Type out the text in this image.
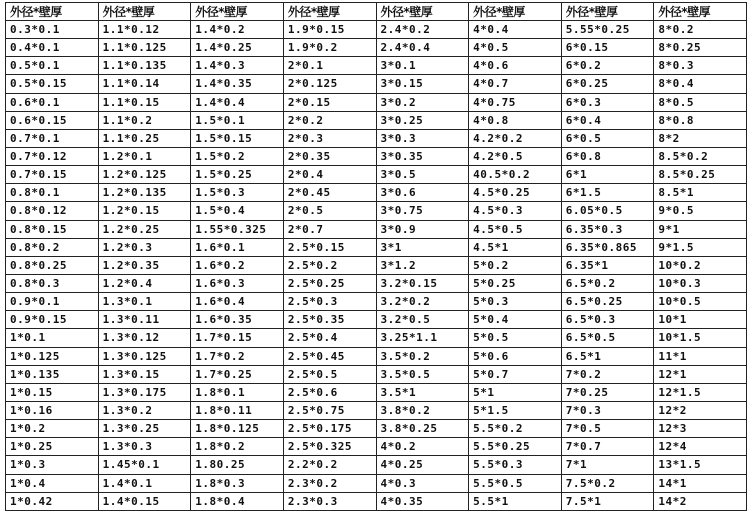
外径*壁厚	外径*壁厚	外径*壁厚	外径*壁厚	外径*壁厚	外径*壁厚	外径*壁厚	外径*壁厚
0.3*0.1	1.1*0.12	1.4*0.2	1.9*0.15	2.4*0.2	4*0.4	5.55*0.25	8*0.2
0.4*0.1	1.1*0.125	1.4*0.25	1.9*0.2	2.4*0.4	4*0.5	6*0.15	8*0.25
0.5*0.1	1.1*0.135	1.4*0.3	2*0.1	3*0.1	4*0.6	6*0.2	8*0.3
0.5*0.15	1.1*0.14	1.4*0.35	2*0.125	3*0.15	4*0.7	6*0.25	8*0.4
0.6*0.1	1.1*0.15	1.4*0.4	2*0.15	3*0.2	4*0.75	6*0.3	8*0.5
0.6*0.15	1.1*0.2	1.5*0.1	2*0.2	3*0.25	4*0.8	6*0.4	8*0.8
0.7*0.1	1.1*0.25	1.5*0.15	2*0.3	3*0.3	4.2*0.2	6*0.5	8*2
0.7*0.12	1.2*0.1	1.5*0.2	2*0.35	3*0.35	4.2*0.5	6*0.8	8.5*0.2
0.7*0.15	1.2*0.125	1.5*0.25	2*0.4	3*0.5	40.5*0.2	6*1	8.5*0.25
0.8*0.1	1.2*0.135	1.5*0.3	2*0.45	3*0.6	4.5*0.25	6*1.5	8.5*1
0.8*0.12	1.2*0.15	1.5*0.4	2*0.5	3*0.75	4.5*0.3	6.05*0.5	9*0.5
0.8*0.15	1.2*0.25	1.55*0.325	2*0.7	3*0.9	4.5*0.5	6.35*0.3	9*1
0.8*0.2	1.2*0.3	1.6*0.1	2.5*0.15	3*1	4.5*1	6.35*0.865	9*1.5
0.8*0.25	1.2*0.35	1.6*0.2	2.5*0.2	3*1.2	5*0.2	6.35*1	10*0.2
0.8*0.3	1.2*0.4	1.6*0.3	2.5*0.25	3.2*0.15	5*0.25	6.5*0.2	10*0.3
0.9*0.1	1.3*0.1	1.6*0.4	2.5*0.3	3.2*0.2	5*0.3	6.5*0.25	10*0.5
0.9*0.15	1.3*0.11	1.6*0.35	2.5*0.35	3.2*0.5	5*0.4	6.5*0.3	10*1
1*0.1	1.3*0.12	1.7*0.15	2.5*0.4	3.25*1.1	5*0.5	6.5*0.5	10*1.5
1*0.125	1.3*0.125	1.7*0.2	2.5*0.45	3.5*0.2	5*0.6	6.5*1	11*1
1*0.135	1.3*0.15	1.7*0.25	2.5*0.5	3.5*0.5	5*0.7	7*0.2	12*1
1*0.15	1.3*0.175	1.8*0.1	2.5*0.6	3.5*1	5*1	7*0.25	12*1.5
1*0.16	1.3*0.2	1.8*0.11	2.5*0.75	3.8*0.2	5*1.5	7*0.3	12*2
1*0.2	1.3*0.25	1.8*0.125	2.5*0.175	3.8*0.25	5.5*0.2	7*0.5	12*3
1*0.25	1.3*0.3	1.8*0.2	2.5*0.325	4*0.2	5.5*0.25	7*0.7	12*4
1*0.3	1.45*0.1	1.80.25	2.2*0.2	4*0.25	5.5*0.3	7*1	13*1.5
1*0.4	1.4*0.1	1.8*0.3	2.3*0.2	4*0.3	5.5*0.5	7.5*0.2	14*1
1*0.42	1.4*0.15	1.8*0.4	2.3*0.3	4*0.35	5.5*1	7.5*1	14*2
